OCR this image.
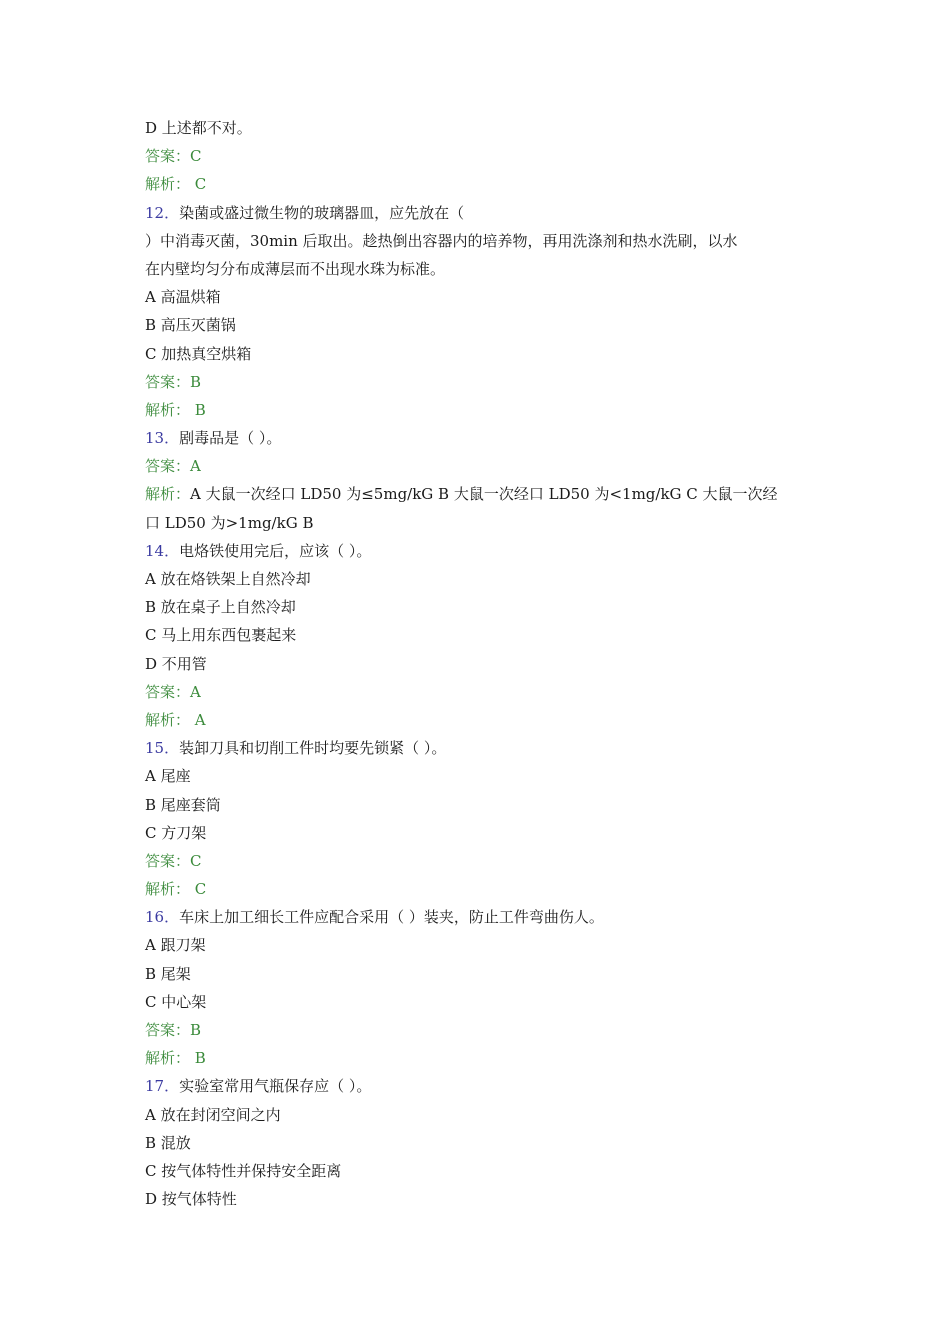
D 上述都不对。
答案：C
解析： C
12．染菌或盛过微生物的玻璃器皿，应先放在（
）中消毒灭菌，30min 后取出。趁热倒出容器内的培养物，再用洗涤剂和热水洗刷，以水
在内壁均匀分布成薄层而不出现水珠为标准。
A 高温烘箱
B 高压灭菌锅
C 加热真空烘箱
答案：B
解析： B
13．剧毒品是（ ）。
答案：A
解析：A 大鼠一次经口 LD50 为≤5mg/kG B 大鼠一次经口 LD50 为<1mg/kG C 大鼠一次经
口 LD50 为>1mg/kG B
14．电烙铁使用完后，应该（ ）。
A 放在烙铁架上自然冷却
B 放在桌子上自然冷却
C 马上用东西包裹起来
D 不用管
答案：A
解析： A
15．装卸刀具和切削工件时均要先锁紧（ ）。
A 尾座
B 尾座套筒
C 方刀架
答案：C
解析： C
16．车床上加工细长工件应配合采用（ ）装夹，防止工件弯曲伤人。
A 跟刀架
B 尾架
C 中心架
答案：B
解析： B
17．实验室常用气瓶保存应（ ）。
A 放在封闭空间之内
B 混放
C 按气体特性并保持安全距离
D 按气体特性
